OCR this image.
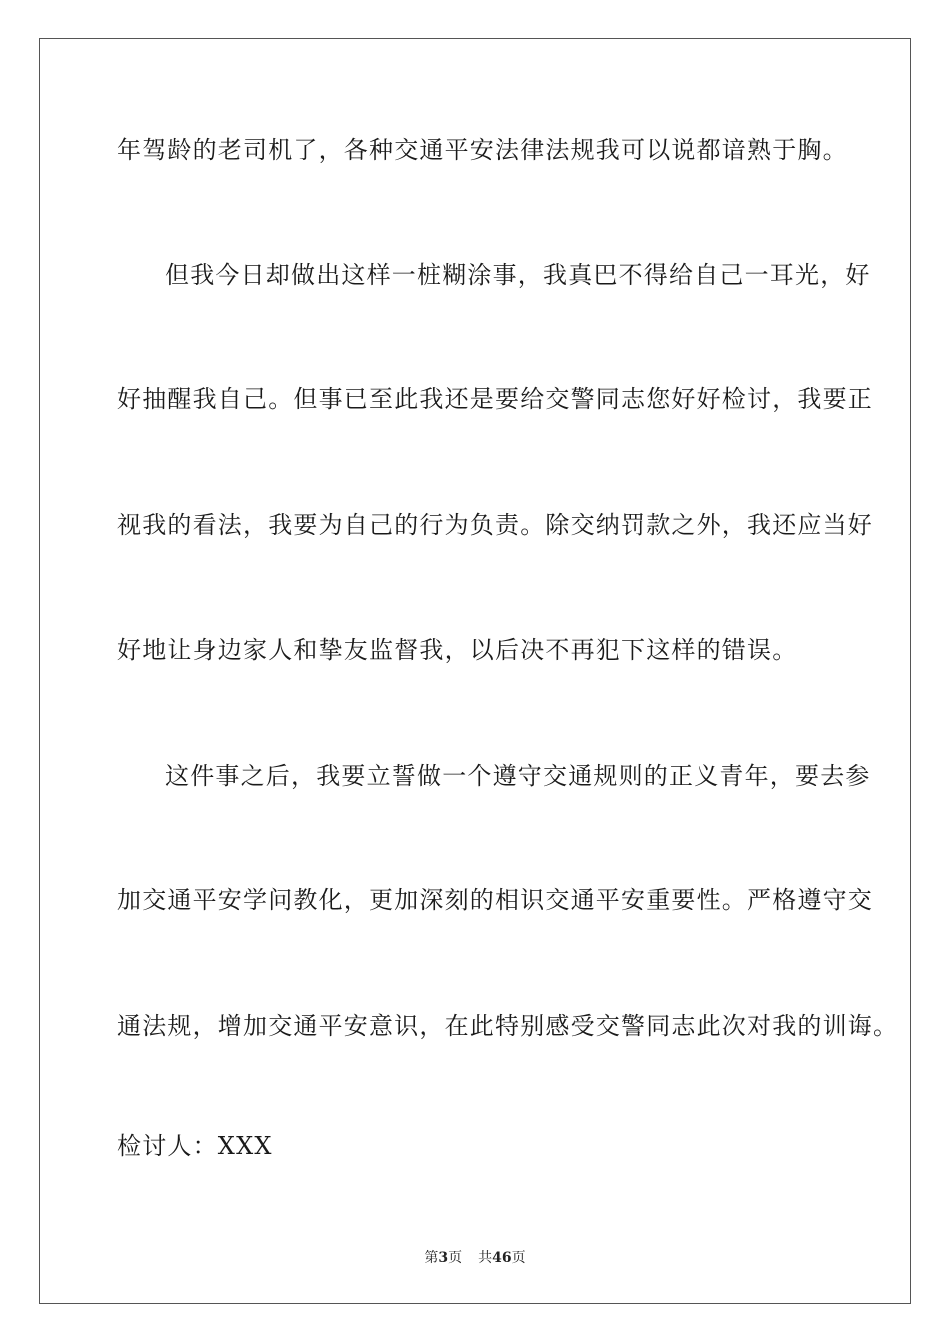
年驾龄的老司机了，各种交通平安法律法规我可以说都谙熟于胸。
但我今日却做出这样一桩糊涂事，我真巴不得给自己一耳光，好
好抽醒我自己。但事已至此我还是要给交警同志您好好检讨，我要正
视我的看法，我要为自己的行为负责。除交纳罚款之外，我还应当好
好地让身边家人和挚友监督我，以后决不再犯下这样的错误。
这件事之后，我要立誓做一个遵守交通规则的正义青年，要去参
加交通平安学问教化，更加深刻的相识交通平安重要性。严格遵守交
通法规，增加交通平安意识，在此特别感受交警同志此次对我的训诲。
检讨人：XXX
第3页 共46页
